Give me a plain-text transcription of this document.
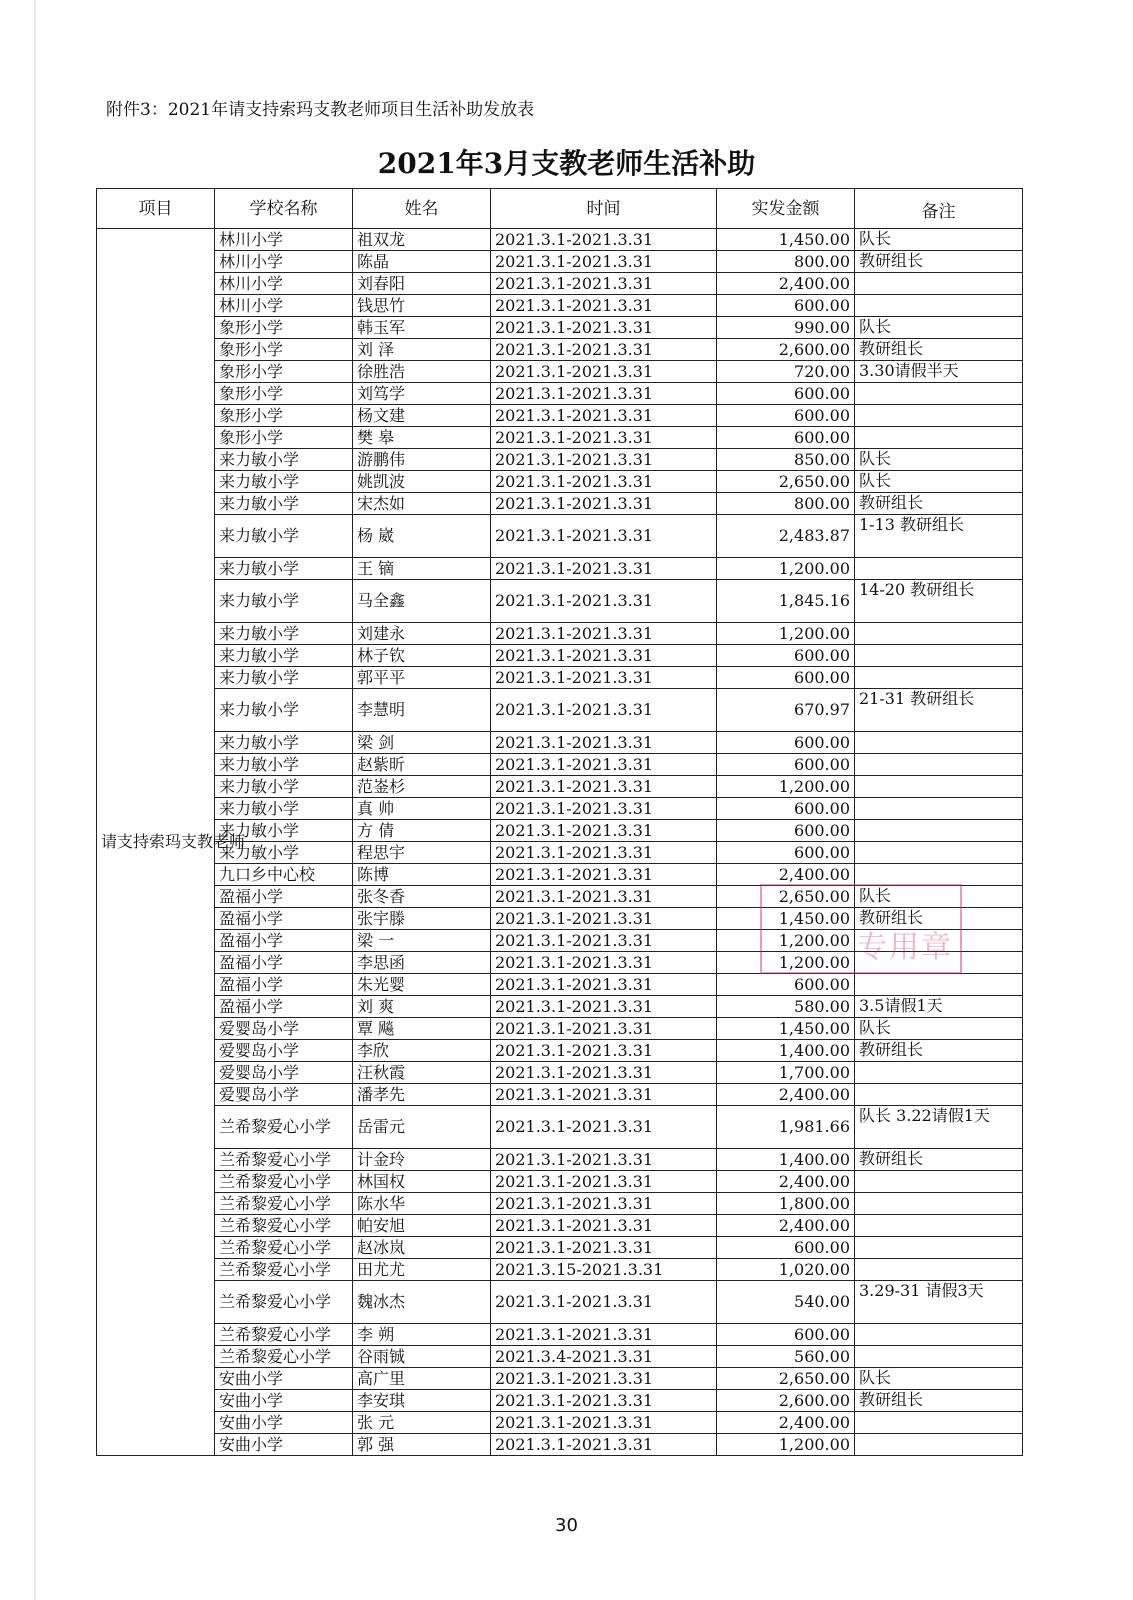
附件3：2021年请支持索玛支教老师项目生活补助发放表
2021年3月支教老师生活补助
项目	学校名称	姓名	时间	实发金额	备注
请支持索玛支教老师	林川小学	祖双龙	2021.3.1-2021.3.31	1,450.00	队长
	林川小学	陈晶	2021.3.1-2021.3.31	800.00	教研组长
	林川小学	刘春阳	2021.3.1-2021.3.31	2,400.00	
	林川小学	钱思竹	2021.3.1-2021.3.31	600.00	
	象形小学	韩玉军	2021.3.1-2021.3.31	990.00	队长
	象形小学	刘 泽	2021.3.1-2021.3.31	2,600.00	教研组长
	象形小学	徐胜浩	2021.3.1-2021.3.31	720.00	3.30请假半天
	象形小学	刘笃学	2021.3.1-2021.3.31	600.00	
	象形小学	杨文建	2021.3.1-2021.3.31	600.00	
	象形小学	樊 皋	2021.3.1-2021.3.31	600.00	
	来力敏小学	游鹏伟	2021.3.1-2021.3.31	850.00	队长
	来力敏小学	姚凯波	2021.3.1-2021.3.31	2,650.00	队长
	来力敏小学	宋杰如	2021.3.1-2021.3.31	800.00	教研组长
	来力敏小学	杨 崴	2021.3.1-2021.3.31	2,483.87	1-13 教研组长
	来力敏小学	王 镝	2021.3.1-2021.3.31	1,200.00	
	来力敏小学	马全鑫	2021.3.1-2021.3.31	1,845.16	14-20 教研组长
	来力敏小学	刘建永	2021.3.1-2021.3.31	1,200.00	
	来力敏小学	林子钦	2021.3.1-2021.3.31	600.00	
	来力敏小学	郭平平	2021.3.1-2021.3.31	600.00	
	来力敏小学	李慧明	2021.3.1-2021.3.31	670.97	21-31 教研组长
	来力敏小学	梁 剑	2021.3.1-2021.3.31	600.00	
	来力敏小学	赵紫昕	2021.3.1-2021.3.31	600.00	
	来力敏小学	范崟杉	2021.3.1-2021.3.31	1,200.00	
	来力敏小学	真 帅	2021.3.1-2021.3.31	600.00	
	来力敏小学	方 倩	2021.3.1-2021.3.31	600.00	
	来力敏小学	程思宇	2021.3.1-2021.3.31	600.00	
	九口乡中心校	陈博	2021.3.1-2021.3.31	2,400.00	
	盈福小学	张冬香	2021.3.1-2021.3.31	2,650.00	队长
	盈福小学	张宇滕	2021.3.1-2021.3.31	1,450.00	教研组长
	盈福小学	梁 一	2021.3.1-2021.3.31	1,200.00	
	盈福小学	李思函	2021.3.1-2021.3.31	1,200.00	
	盈福小学	朱光婴	2021.3.1-2021.3.31	600.00	
	盈福小学	刘 爽	2021.3.1-2021.3.31	580.00	3.5请假1天
	爱婴岛小学	覃 飚	2021.3.1-2021.3.31	1,450.00	队长
	爱婴岛小学	李欣	2021.3.1-2021.3.31	1,400.00	教研组长
	爱婴岛小学	汪秋霞	2021.3.1-2021.3.31	1,700.00	
	爱婴岛小学	潘孝先	2021.3.1-2021.3.31	2,400.00	
	兰希黎爱心小学	岳雷元	2021.3.1-2021.3.31	1,981.66	队长 3.22请假1天
	兰希黎爱心小学	计金玲	2021.3.1-2021.3.31	1,400.00	教研组长
	兰希黎爱心小学	林国权	2021.3.1-2021.3.31	2,400.00	
	兰希黎爱心小学	陈水华	2021.3.1-2021.3.31	1,800.00	
	兰希黎爱心小学	帕安旭	2021.3.1-2021.3.31	2,400.00	
	兰希黎爱心小学	赵冰岚	2021.3.1-2021.3.31	600.00	
	兰希黎爱心小学	田尤尤	2021.3.15-2021.3.31	1,020.00	
	兰希黎爱心小学	魏冰杰	2021.3.1-2021.3.31	540.00	3.29-31 请假3天
	兰希黎爱心小学	李 朔	2021.3.1-2021.3.31	600.00	
	兰希黎爱心小学	谷雨铖	2021.3.4-2021.3.31	560.00	
	安曲小学	高广里	2021.3.1-2021.3.31	2,650.00	队长
	安曲小学	李安琪	2021.3.1-2021.3.31	2,600.00	教研组长
	安曲小学	张 元	2021.3.1-2021.3.31	2,400.00	
	安曲小学	郭 强	2021.3.1-2021.3.31	1,200.00	
专用章
30
